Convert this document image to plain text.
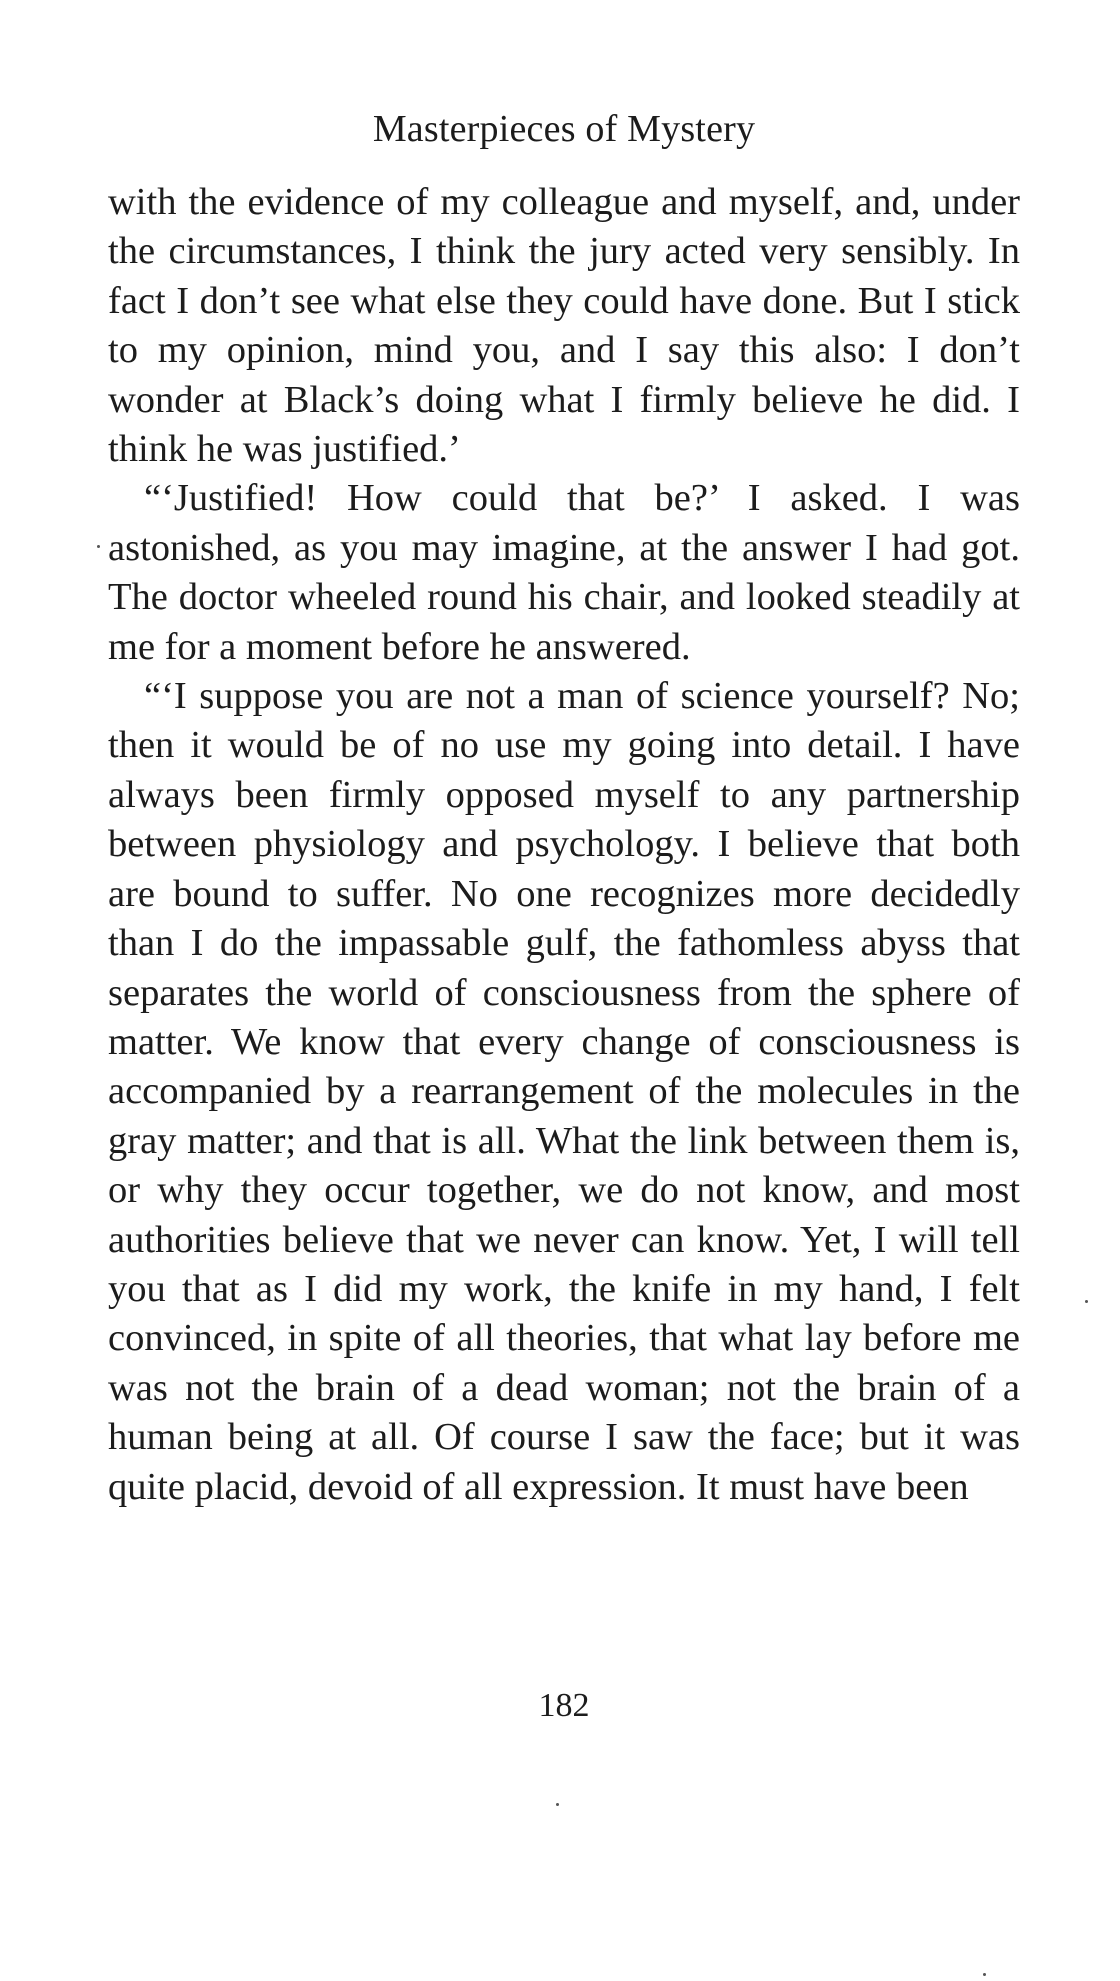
Masterpieces of Mystery

with the evidence of my colleague and myself, and, under the circumstances, I think the jury acted very sensibly. In fact I don’t see what else they could have done. But I stick to my opinion, mind you, and I say this also: I don’t wonder at Black’s doing what I firmly believe he did. I think he was justified.’

“‘Justified! How could that be?’ I asked. I was astonished, as you may imagine, at the answer I had got. The doctor wheeled round his chair, and looked steadily at me for a moment before he answered.

“‘I suppose you are not a man of science yourself? No; then it would be of no use my going into detail. I have always been firmly opposed myself to any partnership between physiology and psychology. I believe that both are bound to suffer. No one recognizes more decidedly than I do the impassable gulf, the fathomless abyss that separates the world of consciousness from the sphere of matter. We know that every change of consciousness is accompanied by a rearrangement of the molecules in the gray matter; and that is all. What the link between them is, or why they occur together, we do not know, and most authorities believe that we never can know. Yet, I will tell you that as I did my work, the knife in my hand, I felt convinced, in spite of all theories, that what lay before me was not the brain of a dead woman; not the brain of a human being at all. Of course I saw the face; but it was quite placid, devoid of all expression. It must have been

182
